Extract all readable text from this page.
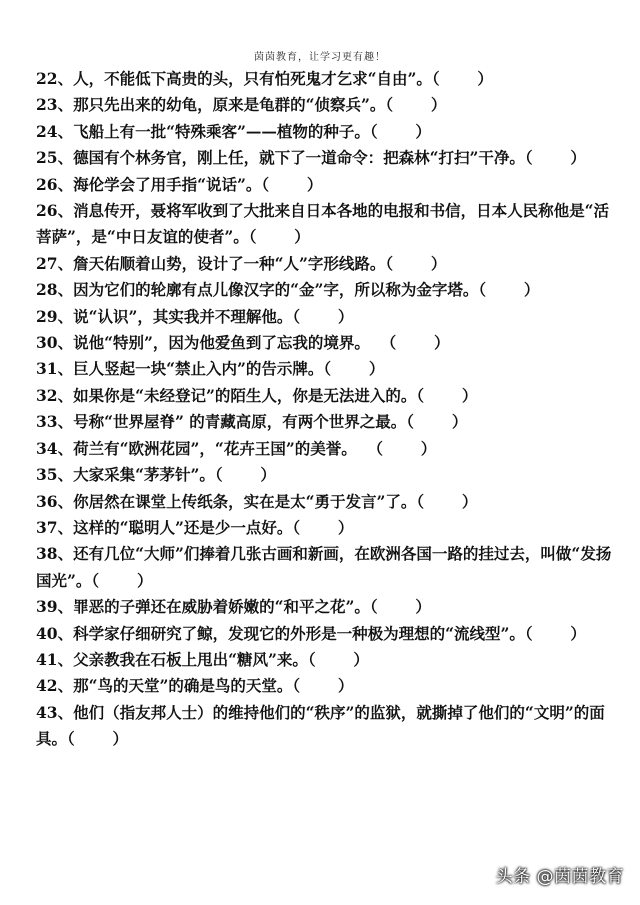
茵茵教育，让学习更有趣！
22、人，不能低下高贵的头，只有怕死鬼才乞求“自由”。（       ）
23、那只先出来的幼龟，原来是龟群的“侦察兵”。（       ）
24、飞船上有一批“特殊乘客”——植物的种子。（       ）
25、德国有个林务官，刚上任，就下了一道命令：把森林“打扫”干净。（       ）
26、海伦学会了用手指“说话”。（       ）
26、消息传开，聂将军收到了大批来自日本各地的电报和书信，日本人民称他是“活菩萨”，是“中日友谊的使者”。（       ）
27、詹天佑顺着山势，设计了一种“人”字形线路。（       ）
28、因为它们的轮廓有点儿像汉字的“金”字，所以称为金字塔。（       ）
29、说“认识”，其实我并不理解他。（       ）
30、说他“特别”，因为他爱鱼到了忘我的境界。  （       ）
31、巨人竖起一块“禁止入内”的告示牌。（       ）
32、如果你是“未经登记”的陌生人，你是无法进入的。（       ）
33、号称“世界屋脊” 的青藏高原，有两个世界之最。（       ）
34、荷兰有“欧洲花园”，“花卉王国”的美誉。  （       ）
35、大家采集“茅茅针”。（       ）
36、你居然在课堂上传纸条，实在是太“勇于发言”了。（       ）
37、这样的“聪明人”还是少一点好。（       ）
38、还有几位“大师”们捧着几张古画和新画，在欧洲各国一路的挂过去，叫做“发扬国光”。（       ）
39、罪恶的子弹还在威胁着娇嫩的“和平之花”。（       ）
40、科学家仔细研究了鲸，发现它的外形是一种极为理想的“流线型”。（       ）
41、父亲教我在石板上甩出“糖风”来。（       ）
42、那“鸟的天堂”的确是鸟的天堂。（       ）
43、他们（指友邦人士）的维持他们的“秩序”的监狱，就撕掉了他们的“文明”的面具。（       ）
头条 @茵茵教育
